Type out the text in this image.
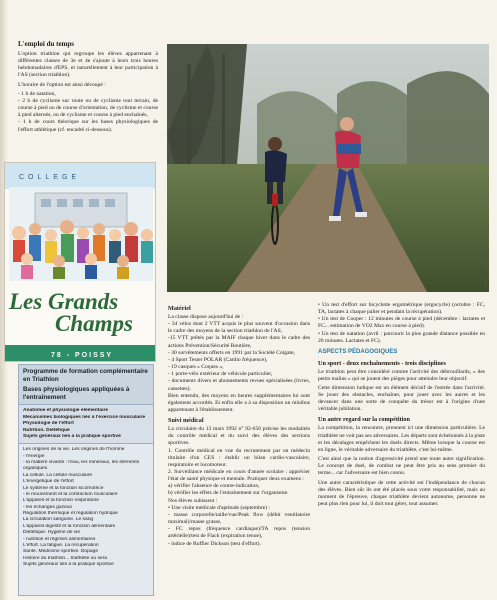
L'emploi du temps

L'option triathlon qui regroupe les élèves appartenant à différentes classes de 3e et 4e s'ajoute à leurs trois heures hebdomadaires d'EPS, et naturellement à leur participation à l'AS (section triathlon).

L'horaire de l'option est ainsi découpé :

- 1 h de natation,

- 2 h de cyclisme sur route ou de cyclisme tout terrain, de course à pied ou de course d'orientation, de cyclisme et course à pied alternés, ou de cyclisme et course à pied enchaînés,

- 1 h de cours théorique sur les bases physiologiques de l'effort athlétique (cf. encadré ci-dessous).

COLLEGE
Les Grands
Champs
78 - POISSY
Programme de formation complémentaire en Triathlon
Bases physiologiques appliquées à l'entraînement
Anatomie et physiologie élémentaire
Mécanismes biologiques liés à l'exercice musculaire
Physiologie de l'effort
Nutrition. Diététique
Sujets généraux liés à la pratique sportive
Les origines de la vie. Les origines de l'homme
- l'énergie
- la matière vivante : l'eau, les minéraux, les éléments organiques
La cellule. La cellule musculaire
L'énergétique de l'effort
Le système et la fonction locomotrice
- le mouvement et la contraction musculaire
L'appareil et la fonction respiratoire
- les échanges gazeux
Régulation thermique et régulation hydrique
La circulation sanguine. Le sang
L'appareil digestif et la fonction alimentaire
Diététique. Hygiène de vie
- nutrition et régimes alimentaires
L'effort. La fatigue. La récupération
Santé. Médecine sportive. Dopage
Histoire du triathlon... triathlète ou sera
Sujets généraux liés à la pratique sportive
PHOTOS : ALTER EGO
Matériel

La classe dispose aujourd'hui de :

- 34 vélos dont 2 VTT acquis le plus souvent d'occasion dans le cadre des moyens de la section triathlon de l'AS,

-15 VTT prêtés par la MAIF chaque hiver dans le cadre des actions Prévention/Sécurité Routière,

- 30 survêtements offerts en 1991 par la Société Colgate,

- 4 Sport Tester POLAR (Cardio fréquence),

- 19 casques « Coques »,

- 1 porte-vélo extérieur de véhicule particulier,

- documents divers et abonnements revues spécialisées (livres, cassettes).

Bien entendu, des moyens en heures supplémentaires lui sont également accordés. Et enfin elle a à sa disposition un minibus appartenant à l'établissement.

Suivi médical

La circulaire du 13 mars 1992 n° 92-056 précise les modalités du contrôle médical et du suivi des élèves des sections sportives.

1. Contrôle médical en vue du recrutement par un médecin titulaire d'un CES : établir un bilan cardio-vasculaire, respiratoire et locomoteur.

2. Surveillance médicale en cours d'année scolaire : apprécier l'état de santé physique et mentale. Pratiquer deux examens :

a) vérifier l'absence de contre-indication,

b) vérifier les effets de l'entraînement sur l'organisme.

Nos élèves subissent :

• Une visite médicale d'aptitude (septembre) :

- masse corporelle/taille/vue/Peak flow (débit ventilatoire maximal)/masse grasse,

- FC repos (fréquence cardiaque)/TA repos (tension artérielle)/test de Flack (expiration tenue),

- indice de Ruffier Dickson (test d'effort).

• Un test d'effort sur bicyclette ergométrique (ergocycle) (octobre : FC, TA, lactates à chaque palier et pendant la récupération).

• Un test de Cooper : 12 minutes de course à pied (décembre : lactates et FC... estimation de VO2 Max en course à pied).

• Un test de natation (avril : parcourir la plus grande distance possible en 20 minutes. Lactates et FC).

ASPECTS PÉDAGOGIQUES
Un sport - deux enchaînements - trois disciplines

Le triathlon peut être considéré comme l'activité des débrouillards, « des petits malins » qui se jouent des pièges pour atteindre leur objectif.

Cette dimension ludique est un élément décisif de l'entrée dans l'activité. Se jouer des obstacles, enchaîner, pour jouer avec les autres et les devancer dans une sorte de conquête du trésor est à l'origine d'une véritable jubilation.

Un autre regard sur la compétition

La compétition, la rencontre, prennent ici une dimension particulière. Le triathlète ne voit pas ses adversaires. Les départs sont échelonnés à la piste et les décalages empêchent les duels directs. Même lorsque la course est en ligne, le véritable adversaire du triathlète, c'est lui-même.

C'est ainsi que la notion d'agressivité prend une toute autre signification. Le concept de duel, de combat ne peut être pris au sens premier du terme... car l'adversaire est bien connu.

Une autre caractéristique de cette activité est l'indépendance de chacun des élèves. Bien sûr ils ont été placés sous votre responsabilité, mais au moment de l'épreuve, chaque triathlète devient autonome, personne ne peut plus rien pour lui, il doit tout gérer, tout assumer.
